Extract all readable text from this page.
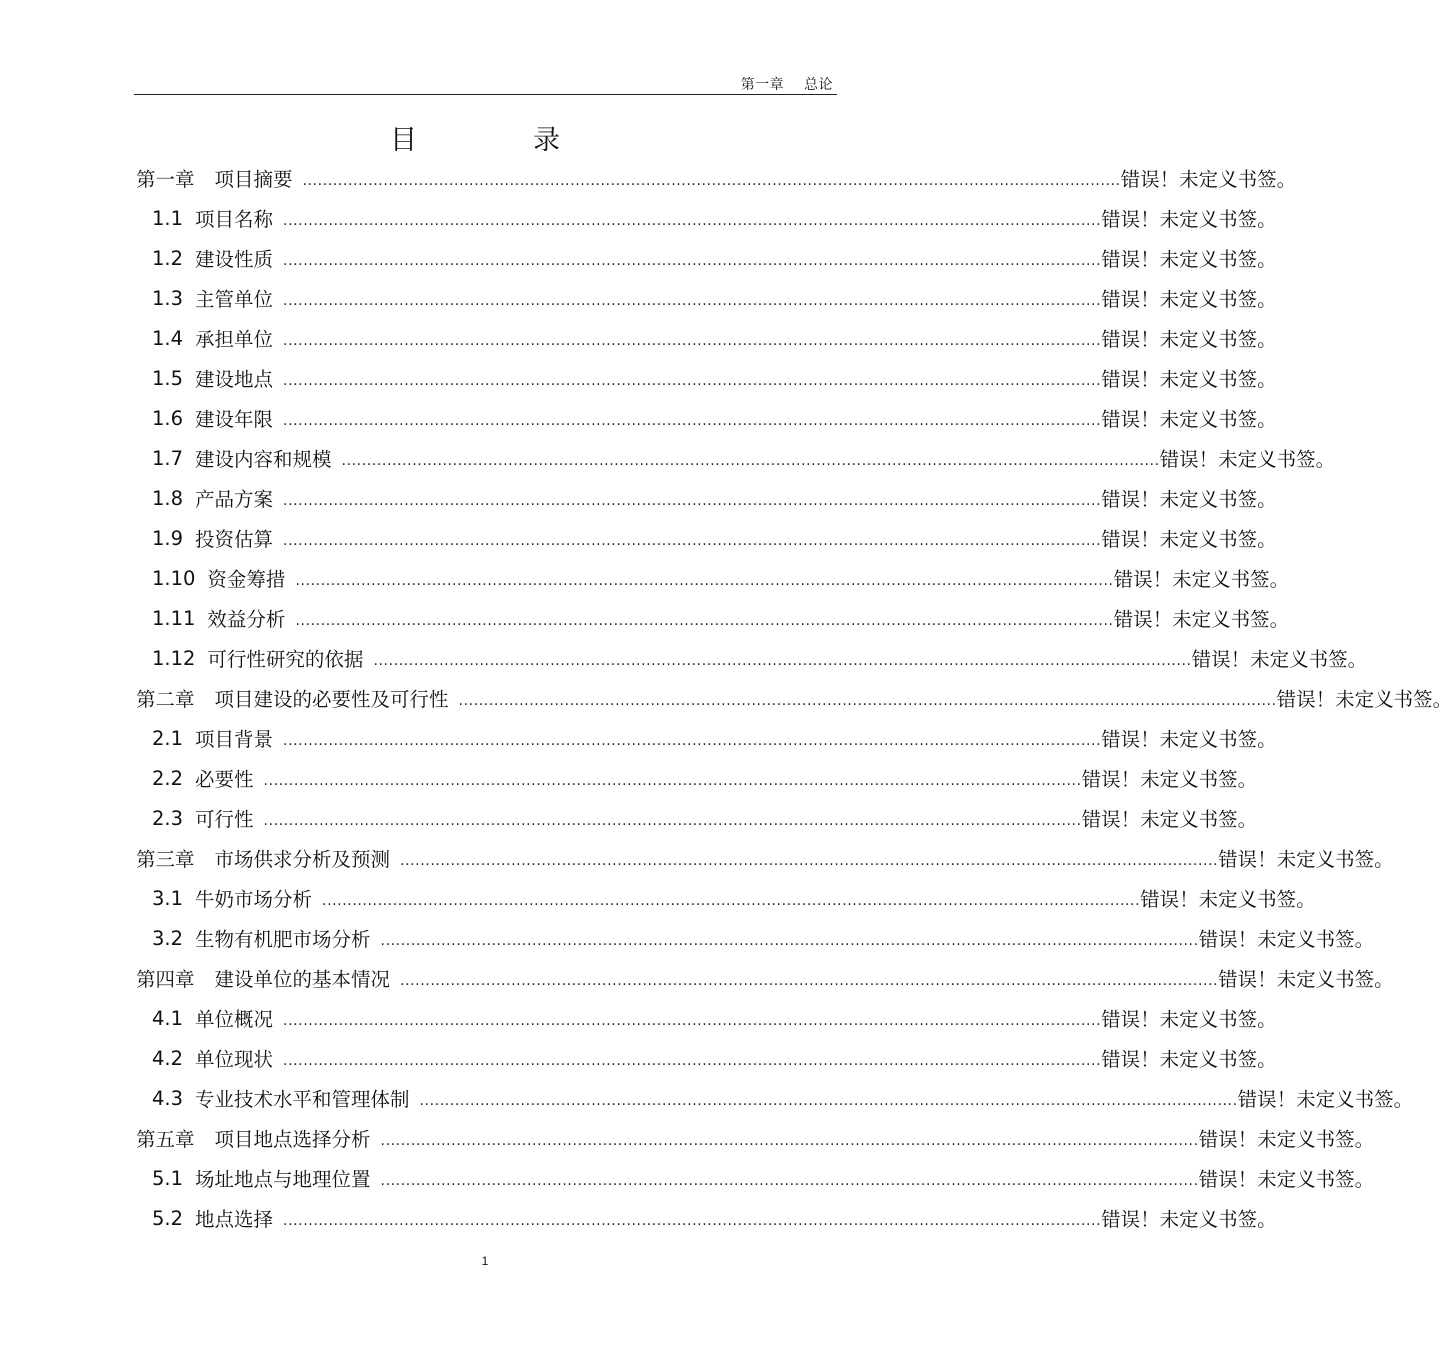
第一章    总论
目录
第一章 项目摘要 .................................................................................................................................................................. 错误！未定义书签。
1.1 项目名称 .................................................................................................................................................................. 错误！未定义书签。
1.2 建设性质 .................................................................................................................................................................. 错误！未定义书签。
1.3 主管单位 .................................................................................................................................................................. 错误！未定义书签。
1.4 承担单位 .................................................................................................................................................................. 错误！未定义书签。
1.5 建设地点 .................................................................................................................................................................. 错误！未定义书签。
1.6 建设年限 .................................................................................................................................................................. 错误！未定义书签。
1.7 建设内容和规模 .................................................................................................................................................................. 错误！未定义书签。
1.8 产品方案 .................................................................................................................................................................. 错误！未定义书签。
1.9 投资估算 .................................................................................................................................................................. 错误！未定义书签。
1.10 资金筹措 .................................................................................................................................................................. 错误！未定义书签。
1.11 效益分析 .................................................................................................................................................................. 错误！未定义书签。
1.12 可行性研究的依据 .................................................................................................................................................................. 错误！未定义书签。
第二章 项目建设的必要性及可行性 .................................................................................................................................................................. 错误！未定义书签。
2.1 项目背景 .................................................................................................................................................................. 错误！未定义书签。
2.2 必要性 .................................................................................................................................................................. 错误！未定义书签。
2.3 可行性 .................................................................................................................................................................. 错误！未定义书签。
第三章 市场供求分析及预测 .................................................................................................................................................................. 错误！未定义书签。
3.1 牛奶市场分析 .................................................................................................................................................................. 错误！未定义书签。
3.2 生物有机肥市场分析 .................................................................................................................................................................. 错误！未定义书签。
第四章 建设单位的基本情况 .................................................................................................................................................................. 错误！未定义书签。
4.1 单位概况 .................................................................................................................................................................. 错误！未定义书签。
4.2 单位现状 .................................................................................................................................................................. 错误！未定义书签。
4.3 专业技术水平和管理体制 .................................................................................................................................................................. 错误！未定义书签。
第五章 项目地点选择分析 .................................................................................................................................................................. 错误！未定义书签。
5.1 场址地点与地理位置 .................................................................................................................................................................. 错误！未定义书签。
5.2 地点选择 .................................................................................................................................................................. 错误！未定义书签。
1
